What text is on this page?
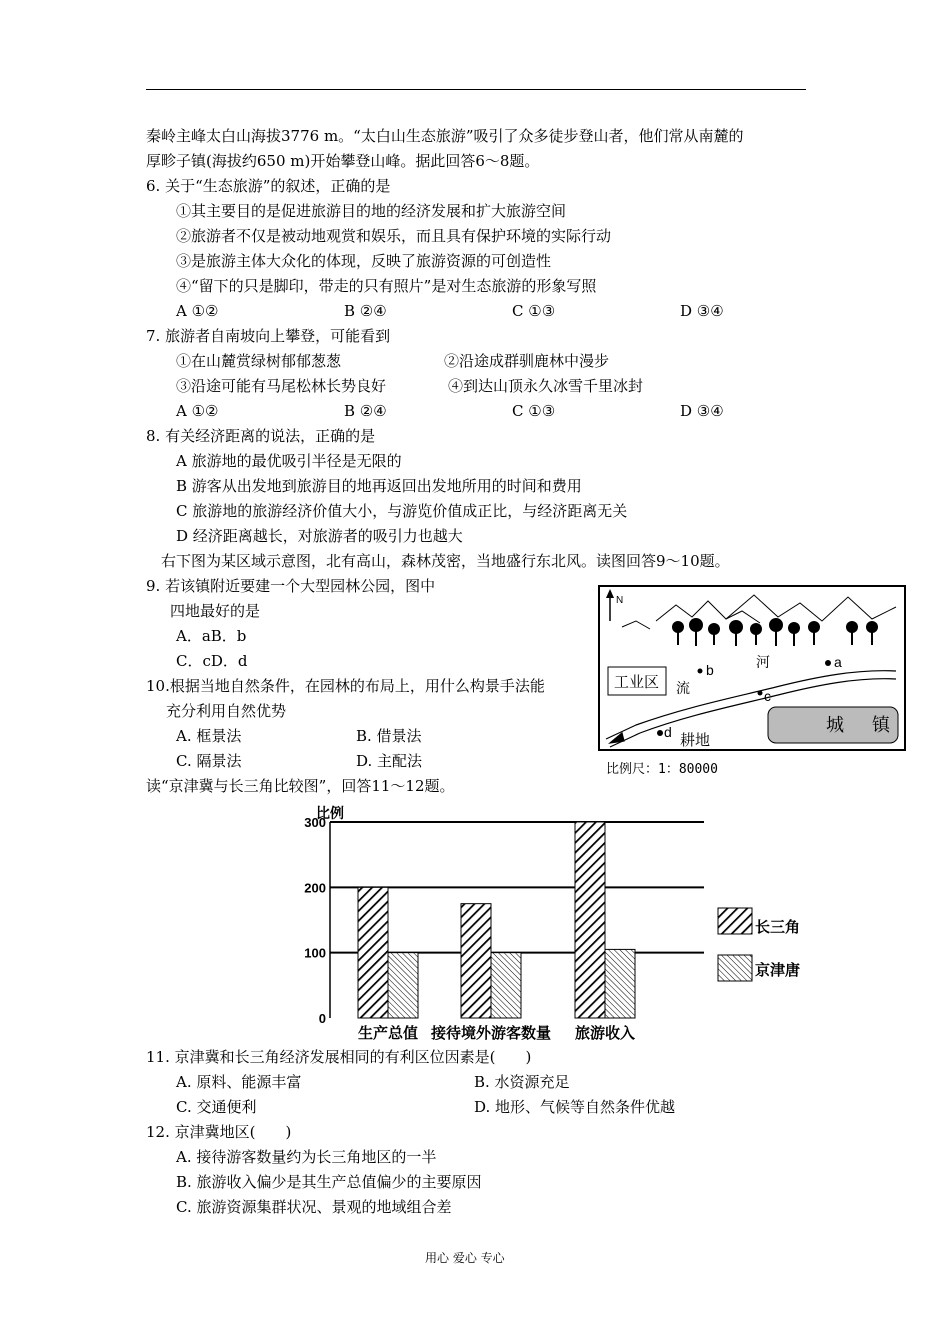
秦岭主峰太白山海拔3776 m。“太白山生态旅游”吸引了众多徒步登山者，他们常从南麓的
厚畛子镇(海拔约650 m)开始攀登山峰。据此回答6～8题。
6. 关于“生态旅游”的叙述，正确的是
①其主要目的是促进旅游目的地的经济发展和扩大旅游空间
②旅游者不仅是被动地观赏和娱乐，而且具有保护环境的实际行动
③是旅游主体大众化的体现，反映了旅游资源的可创造性
④“留下的只是脚印，带走的只有照片”是对生态旅游的形象写照
A ①②	B ②④	C ①③	D ③④
7. 旅游者自南坡向上攀登，可能看到
①在山麓赏绿树郁郁葱葱	②沿途成群驯鹿林中漫步
③沿途可能有马尾松林长势良好	④到达山顶永久冰雪千里冰封
A ①②	B ②④	C ①③	D ③④
8. 有关经济距离的说法，正确的是
A 旅游地的最优吸引半径是无限的
B 游客从出发地到旅游目的地再返回出发地所用的时间和费用
C 旅游地的旅游经济价值大小，与游览价值成正比，与经济距离无关
D 经济距离越长，对旅游者的吸引力也越大
右下图为某区域示意图，北有高山，森林茂密，当地盛行东北风。读图回答9～10题。
9. 若该镇附近要建一个大型园林公园，图中
四地最好的是
A．aB．b
C．cD．d
10.根据当地自然条件，在园林的布局上，用什么构景手法能
充分利用自然优势
A. 框景法	B. 借景法
C. 隔景法	D. 主配法
N
工业区
城 镇
河
流
耕地
a
b
c
d
比例尺：1：80000
读“京津冀与长三角比较图”，回答11～12题。
0
100
200
300
生产总值 接待境外游客数量 旅游收入
比例
长三角
京津唐
11. 京津冀和长三角经济发展相同的有利区位因素是(　　)
A. 原料、能源丰富	B. 水资源充足
C. 交通便利	D. 地形、气候等自然条件优越
12. 京津冀地区(　　)
A. 接待游客数量约为长三角地区的一半
B. 旅游收入偏少是其生产总值偏少的主要原因
C. 旅游资源集群状况、景观的地域组合差
用心 爱心 专心
